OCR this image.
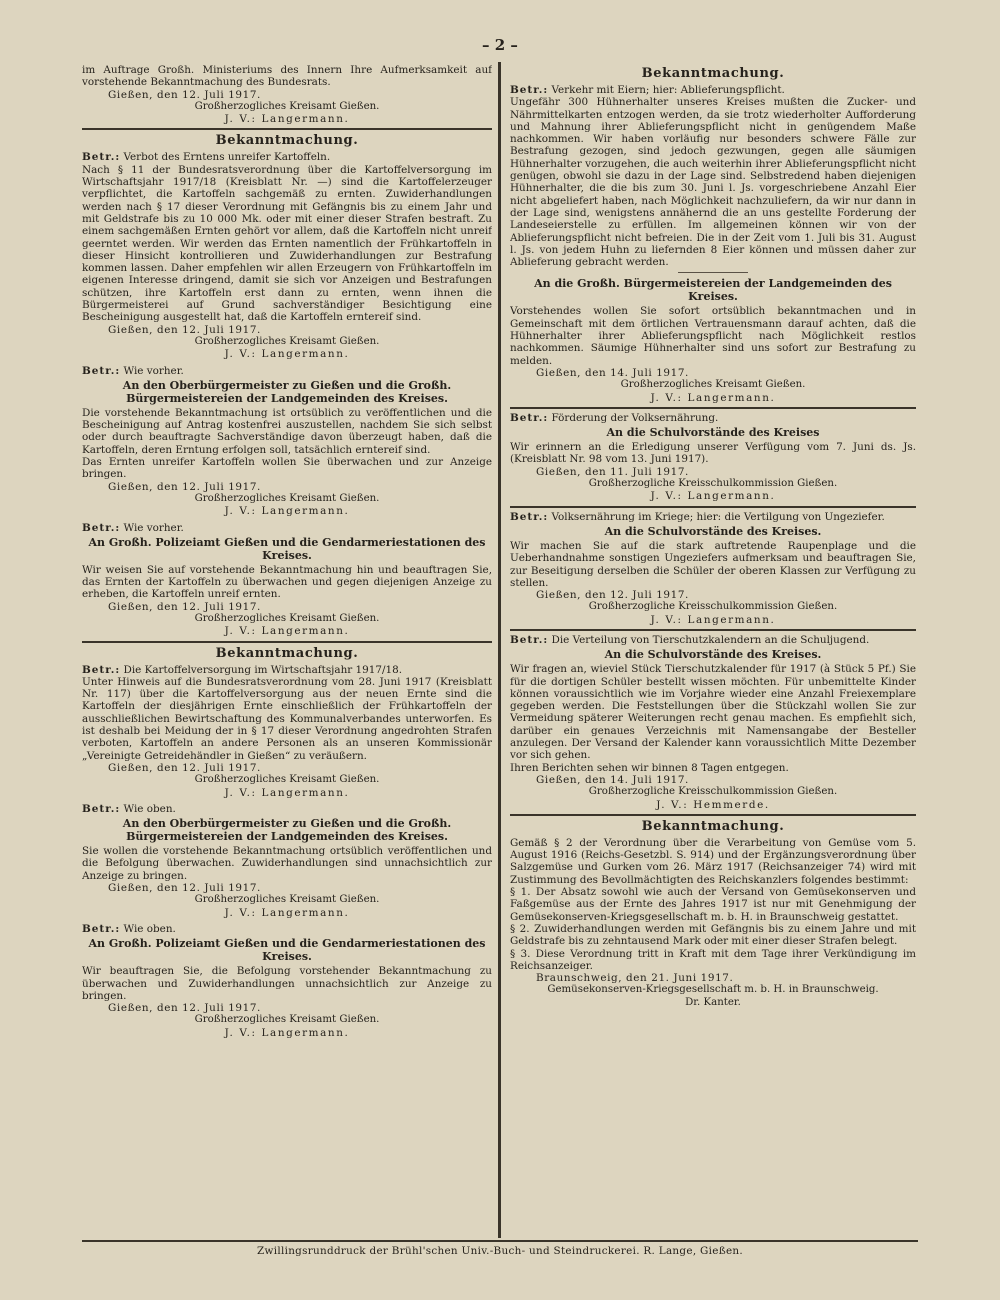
– 2 –

im Auftrage Großh. Ministeriums des Innern Ihre Aufmerksamkeit auf vorstehende Bekanntmachung des Bundesrats.

Gießen, den 12. Juli 1917.

Großherzogliches Kreisamt Gießen.

J. V.: Langermann.

Bekanntmachung.

Betr.: Verbot des Erntens unreifer Kartoffeln.

Nach § 11 der Bundesratsverordnung über die Kartoffelversorgung im Wirtschaftsjahr 1917/18 (Kreisblatt Nr. —) sind die Kartoffelerzeuger verpflichtet, die Kartoffeln sachgemäß zu ernten. Zuwiderhandlungen werden nach § 17 dieser Verordnung mit Gefängnis bis zu einem Jahr und mit Geldstrafe bis zu 10 000 Mk. oder mit einer dieser Strafen bestraft. Zu einem sachgemäßen Ernten gehört vor allem, daß die Kartoffeln nicht unreif geerntet werden. Wir werden das Ernten namentlich der Frühkartoffeln in dieser Hinsicht kontrollieren und Zuwiderhandlungen zur Bestrafung kommen lassen. Daher empfehlen wir allen Erzeugern von Frühkartoffeln im eigenen Interesse dringend, damit sie sich vor Anzeigen und Bestrafungen schützen, ihre Kartoffeln erst dann zu ernten, wenn ihnen die Bürgermeisterei auf Grund sachverständiger Besichtigung eine Bescheinigung ausgestellt hat, daß die Kartoffeln erntereif sind.

Gießen, den 12. Juli 1917.

Großherzogliches Kreisamt Gießen.

J. V.: Langermann.

Betr.: Wie vorher.

An den Oberbürgermeister zu Gießen und die Großh. Bürgermeistereien der Landgemeinden des Kreises.

Die vorstehende Bekanntmachung ist ortsüblich zu veröffentlichen und die Bescheinigung auf Antrag kostenfrei auszustellen, nachdem Sie sich selbst oder durch beauftragte Sachverständige davon überzeugt haben, daß die Kartoffeln, deren Erntung erfolgen soll, tatsächlich erntereif sind.

Das Ernten unreifer Kartoffeln wollen Sie überwachen und zur Anzeige bringen.

Gießen, den 12. Juli 1917.

Großherzogliches Kreisamt Gießen.

J. V.: Langermann.

Betr.: Wie vorher.

An Großh. Polizeiamt Gießen und die Gendarmeriestationen des Kreises.

Wir weisen Sie auf vorstehende Bekanntmachung hin und beauftragen Sie, das Ernten der Kartoffeln zu überwachen und gegen diejenigen Anzeige zu erheben, die Kartoffeln unreif ernten.

Gießen, den 12. Juli 1917.

Großherzogliches Kreisamt Gießen.

J. V.: Langermann.

Bekanntmachung.

Betr.: Die Kartoffelversorgung im Wirtschaftsjahr 1917/18.

Unter Hinweis auf die Bundesratsverordnung vom 28. Juni 1917 (Kreisblatt Nr. 117) über die Kartoffelversorgung aus der neuen Ernte sind die Kartoffeln der diesjährigen Ernte einschließlich der Frühkartoffeln der ausschließlichen Bewirtschaftung des Kommunalverbandes unterworfen. Es ist deshalb bei Meidung der in § 17 dieser Verordnung angedrohten Strafen verboten, Kartoffeln an andere Personen als an unseren Kommissionär „Vereinigte Getreidehändler in Gießen“ zu veräußern.

Gießen, den 12. Juli 1917.

Großherzogliches Kreisamt Gießen.

J. V.: Langermann.

Betr.: Wie oben.

An den Oberbürgermeister zu Gießen und die Großh. Bürgermeistereien der Landgemeinden des Kreises.

Sie wollen die vorstehende Bekanntmachung ortsüblich veröffentlichen und die Befolgung überwachen. Zuwiderhandlungen sind unnachsichtlich zur Anzeige zu bringen.

Gießen, den 12. Juli 1917.

Großherzogliches Kreisamt Gießen.

J. V.: Langermann.

Betr.: Wie oben.

An Großh. Polizeiamt Gießen und die Gendarmeriestationen des Kreises.

Wir beauftragen Sie, die Befolgung vorstehender Bekanntmachung zu überwachen und Zuwiderhandlungen unnachsichtlich zur Anzeige zu bringen.

Gießen, den 12. Juli 1917.

Großherzogliches Kreisamt Gießen.

J. V.: Langermann.

Bekanntmachung.

Betr.: Verkehr mit Eiern; hier: Ablieferungspflicht.

Ungefähr 300 Hühnerhalter unseres Kreises mußten die Zucker- und Nährmittelkarten entzogen werden, da sie trotz wiederholter Aufforderung und Mahnung ihrer Ablieferungspflicht nicht in genügendem Maße nachkommen. Wir haben vorläufig nur besonders schwere Fälle zur Bestrafung gezogen, sind jedoch gezwungen, gegen alle säumigen Hühnerhalter vorzugehen, die auch weiterhin ihrer Ablieferungspflicht nicht genügen, obwohl sie dazu in der Lage sind. Selbstredend haben diejenigen Hühnerhalter, die die bis zum 30. Juni l. Js. vorgeschriebene Anzahl Eier nicht abgeliefert haben, nach Möglichkeit nachzuliefern, da wir nur dann in der Lage sind, wenigstens annähernd die an uns gestellte Forderung der Landeseierstelle zu erfüllen. Im allgemeinen können wir von der Ablieferungspflicht nicht befreien. Die in der Zeit vom 1. Juli bis 31. August l. Js. von jedem Huhn zu liefernden 8 Eier können und müssen daher zur Ablieferung gebracht werden.

An die Großh. Bürgermeistereien der Landgemeinden des Kreises.

Vorstehendes wollen Sie sofort ortsüblich bekanntmachen und in Gemeinschaft mit dem örtlichen Vertrauensmann darauf achten, daß die Hühnerhalter ihrer Ablieferungspflicht nach Möglichkeit restlos nachkommen. Säumige Hühnerhalter sind uns sofort zur Bestrafung zu melden.

Gießen, den 14. Juli 1917.

Großherzogliches Kreisamt Gießen.

J. V.: Langermann.

Betr.: Förderung der Volksernährung.

An die Schulvorstände des Kreises

Wir erinnern an die Erledigung unserer Verfügung vom 7. Juni ds. Js. (Kreisblatt Nr. 98 vom 13. Juni 1917).

Gießen, den 11. Juli 1917.

Großherzogliche Kreisschulkommission Gießen.

J. V.: Langermann.

Betr.: Volksernährung im Kriege; hier: die Vertilgung von Ungeziefer.

An die Schulvorstände des Kreises.

Wir machen Sie auf die stark auftretende Raupenplage und die Ueberhandnahme sonstigen Ungeziefers aufmerksam und beauftragen Sie, zur Beseitigung derselben die Schüler der oberen Klassen zur Verfügung zu stellen.

Gießen, den 12. Juli 1917.

Großherzogliche Kreisschulkommission Gießen.

J. V.: Langermann.

Betr.: Die Verteilung von Tierschutzkalendern an die Schuljugend.

An die Schulvorstände des Kreises.

Wir fragen an, wieviel Stück Tierschutzkalender für 1917 (à Stück 5 Pf.) Sie für die dortigen Schüler bestellt wissen möchten. Für unbemittelte Kinder können voraussichtlich wie im Vorjahre wieder eine Anzahl Freiexemplare gegeben werden. Die Feststellungen über die Stückzahl wollen Sie zur Vermeidung späterer Weiterungen recht genau machen. Es empfiehlt sich, darüber ein genaues Verzeichnis mit Namensangabe der Besteller anzulegen. Der Versand der Kalender kann voraussichtlich Mitte Dezember vor sich gehen.

Ihren Berichten sehen wir binnen 8 Tagen entgegen.

Gießen, den 14. Juli 1917.

Großherzogliche Kreisschulkommission Gießen.

J. V.: Hemmerde.

Bekanntmachung.

Gemäß § 2 der Verordnung über die Verarbeitung von Gemüse vom 5. August 1916 (Reichs-Gesetzbl. S. 914) und der Ergänzungsverordnung über Salzgemüse und Gurken vom 26. März 1917 (Reichsanzeiger 74) wird mit Zustimmung des Bevollmächtigten des Reichskanzlers folgendes bestimmt:

§ 1. Der Absatz sowohl wie auch der Versand von Gemüsekonserven und Faßgemüse aus der Ernte des Jahres 1917 ist nur mit Genehmigung der Gemüsekonserven-Kriegsgesellschaft m. b. H. in Braunschweig gestattet.

§ 2. Zuwiderhandlungen werden mit Gefängnis bis zu einem Jahre und mit Geldstrafe bis zu zehntausend Mark oder mit einer dieser Strafen belegt.

§ 3. Diese Verordnung tritt in Kraft mit dem Tage ihrer Verkündigung im Reichsanzeiger.

Braunschweig, den 21. Juni 1917.

Gemüsekonserven-Kriegsgesellschaft m. b. H. in Braunschweig.

Dr. Kanter.

Zwillingsrunddruck der Brühl'schen Univ.-Buch- und Steindruckerei. R. Lange, Gießen.
